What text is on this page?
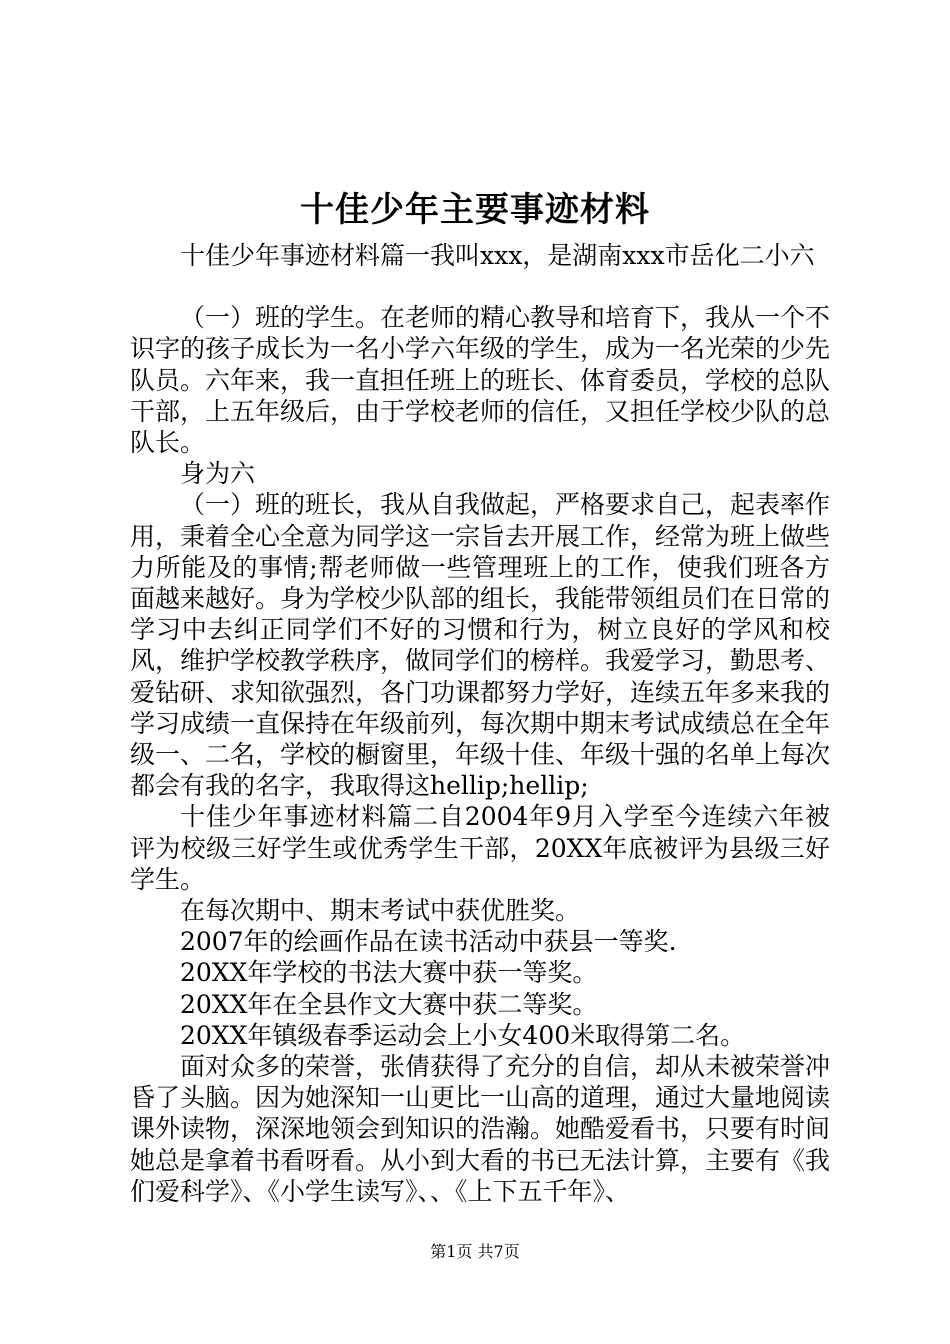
十佳少年主要事迹材料

十佳少年事迹材料篇一我叫xxx，是湖南xxx市岳化二小六

（一）班的学生。在老师的精心教导和培育下，我从一个不识字的孩子成长为一名小学六年级的学生，成为一名光荣的少先队员。六年来，我一直担任班上的班长、体育委员，学校的总队干部，上五年级后，由于学校老师的信任，又担任学校少队的总队长。

身为六

（一）班的班长，我从自我做起，严格要求自己，起表率作用，秉着全心全意为同学这一宗旨去开展工作，经常为班上做些力所能及的事情;帮老师做一些管理班上的工作，使我们班各方面越来越好。身为学校少队部的组长，我能带领组员们在日常的学习中去纠正同学们不好的习惯和行为，树立良好的学风和校风，维护学校教学秩序，做同学们的榜样。我爱学习，勤思考、爱钻研、求知欲强烈，各门功课都努力学好，连续五年多来我的学习成绩一直保持在年级前列，每次期中期末考试成绩总在全年级一、二名，学校的橱窗里，年级十佳、年级十强的名单上每次都会有我的名字，我取得这hellip;hellip;

十佳少年事迹材料篇二自2004年9月入学至今连续六年被评为校级三好学生或优秀学生干部，20XX年底被评为县级三好学生。

在每次期中、期末考试中获优胜奖。

2007年的绘画作品在读书活动中获县一等奖.

20XX年学校的书法大赛中获一等奖。

20XX年在全县作文大赛中获二等奖。

20XX年镇级春季运动会上小女400米取得第二名。

面对众多的荣誉，张倩获得了充分的自信，却从未被荣誉冲昏了头脑。因为她深知一山更比一山高的道理，通过大量地阅读课外读物，深深地领会到知识的浩瀚。她酷爱看书，只要有时间她总是拿着书看呀看。从小到大看的书已无法计算，主要有《我们爱科学》、《小学生读写》、、《上下五千年》、

第1页 共7页
